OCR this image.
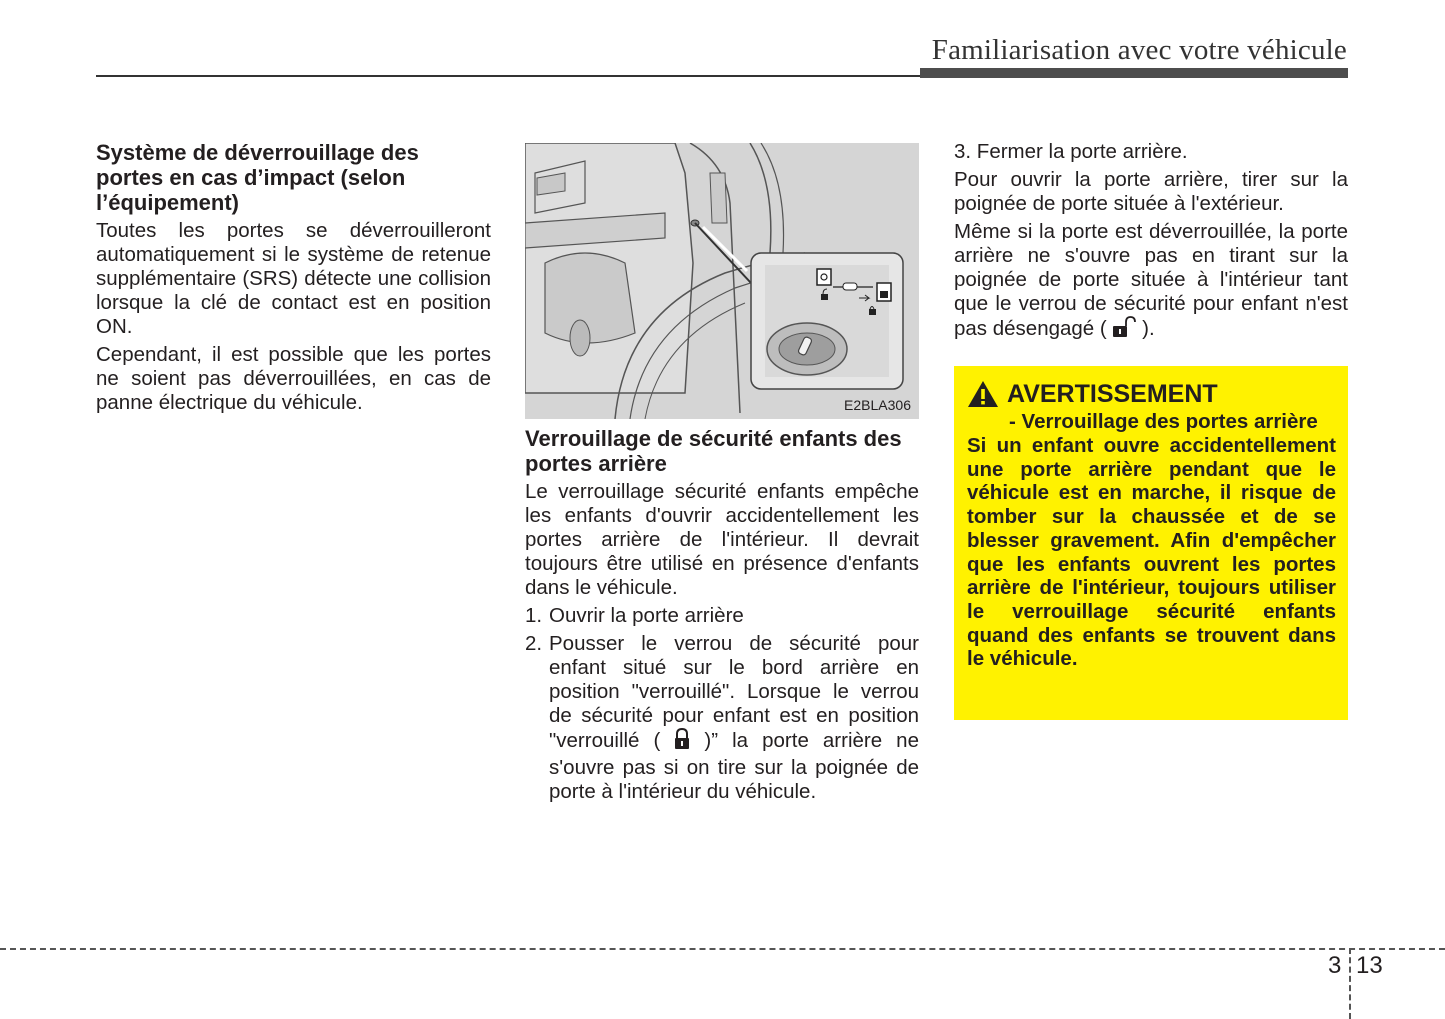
Familiarisation avec votre véhicule
Système de déverrouillage des portes en cas d’impact (selon l’équipement)

Toutes les portes se déverrouilleront automatiquement si le système de retenue supplémentaire (SRS) détecte une collision lorsque la clé de contact est en position ON.

Cependant, il est possible que les portes ne soient pas déverrouillées, en cas de panne électrique du véhicule.	E2BLA306
Verrouillage de sécurité enfants des portes arrière

Le verrouillage sécurité enfants empêche les enfants d'ouvrir accidentellement les portes arrière de l'intérieur. Il devrait toujours être utilisé en présence d'enfants dans le véhicule.

1. Ouvrir la porte arrière
2. Pousser le verrou de sécurité pour enfant situé sur le bord arrière en position "verrouillé". Lorsque le verrou de sécurité pour enfant est en position "verrouillé ( )” la porte arrière ne s'ouvre pas si on tire sur la poignée de porte à l'intérieur du véhicule.

3. Fermer la porte arrière.

Pour ouvrir la porte arrière, tirer sur la poignée de porte située à l'extérieur.

Même si la porte est déverrouillée, la porte arrière ne s'ouvre pas en tirant sur la poignée de porte située à l'intérieur tant que le verrou de sécurité pour enfant n'est pas désengagé ( ).

AVERTISSEMENT
- Verrouillage des portes arrière

Si un enfant ouvre accidentellement une porte arrière pendant que le véhicule est en marche, il risque de tomber sur la chaussée et de se blesser gravement. Afin d'empêcher que les enfants ouvrent les portes arrière de l'intérieur, toujours utiliser le verrouillage sécurité enfants quand des enfants se trouvent dans le véhicule.

3 13
